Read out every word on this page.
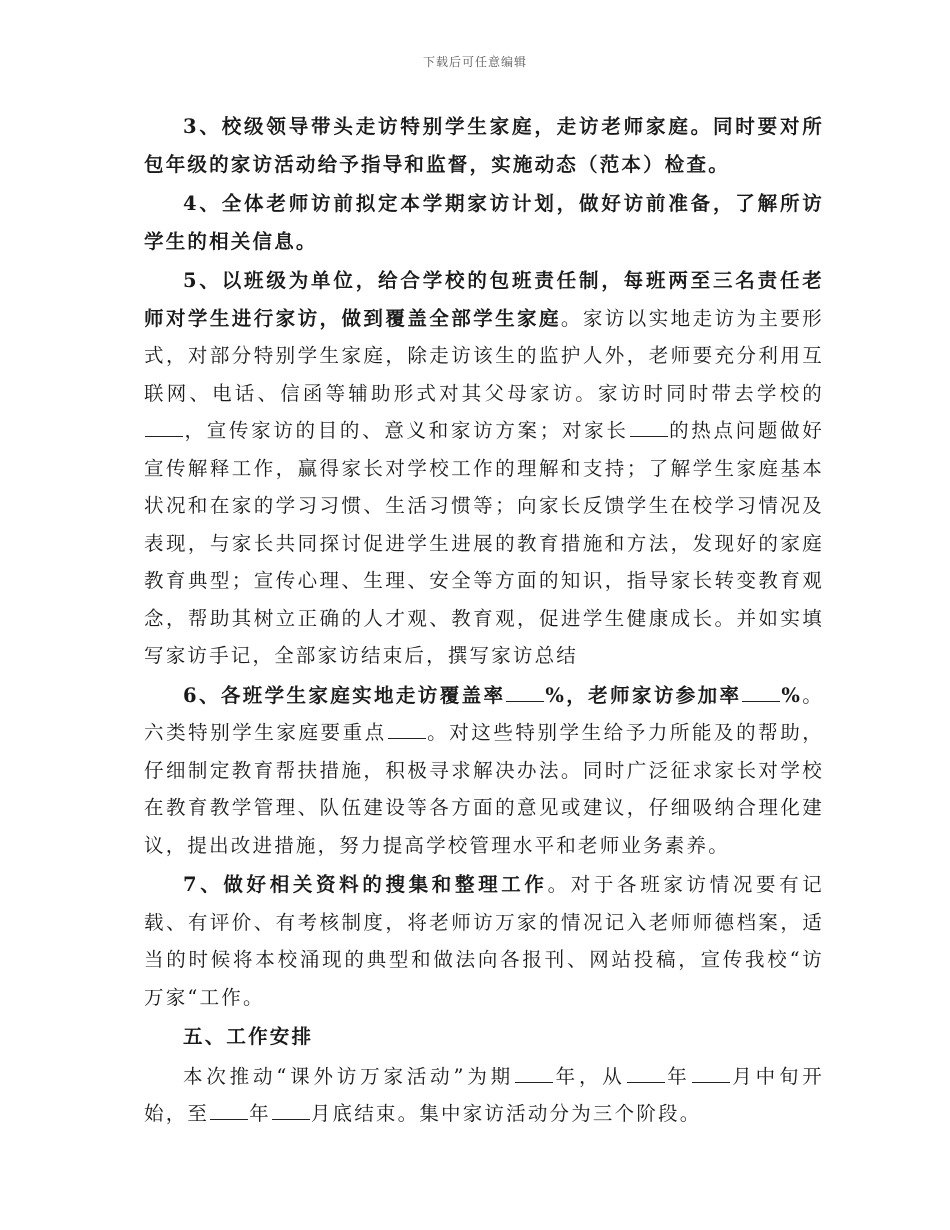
下载后可任意编辑

3、校级领导带头走访特别学生家庭，走访老师家庭。同时要对所包年级的家访活动给予指导和监督，实施动态（范本）检查。

4、全体老师访前拟定本学期家访计划，做好访前准备，了解所访学生的相关信息。

5、以班级为单位，给合学校的包班责任制，每班两至三名责任老师对学生进行家访，做到覆盖全部学生家庭。家访以实地走访为主要形式，对部分特别学生家庭，除走访该生的监护人外，老师要充分利用互联网、电话、信函等辅助形式对其父母家访。家访时同时带去学校的，宣传家访的目的、意义和家访方案；对家长 的热点问题做好宣传解释工作，赢得家长对学校工作的理解和支持；了解学生家庭基本状况和在家的学习习惯、生活习惯等；向家长反馈学生在校学习情况及表现，与家长共同探讨促进学生进展的教育措施和方法，发现好的家庭教育典型；宣传心理、生理、安全等方面的知识，指导家长转变教育观念，帮助其树立正确的人才观、教育观，促进学生健康成长。并如实填写家访手记，全部家访结束后，撰写家访总结

6、各班学生家庭实地走访覆盖率 %，老师家访参加率 %。六类特别学生家庭要重点 。对这些特别学生给予力所能及的帮助，仔细制定教育帮扶措施，积极寻求解决办法。同时广泛征求家长对学校在教育教学管理、队伍建设等各方面的意见或建议，仔细吸纳合理化建议，提出改进措施，努力提高学校管理水平和老师业务素养。

7、做好相关资料的搜集和整理工作。对于各班家访情况要有记载、有评价、有考核制度，将老师访万家的情况记入老师师德档案，适当的时候将本校涌现的典型和做法向各报刊、网站投稿，宣传我校“访万家“工作。

五、工作安排

本次推动“课外访万家活动”为期 年，从 年 月中旬开始，至 年 月底结束。集中家访活动分为三个阶段。
